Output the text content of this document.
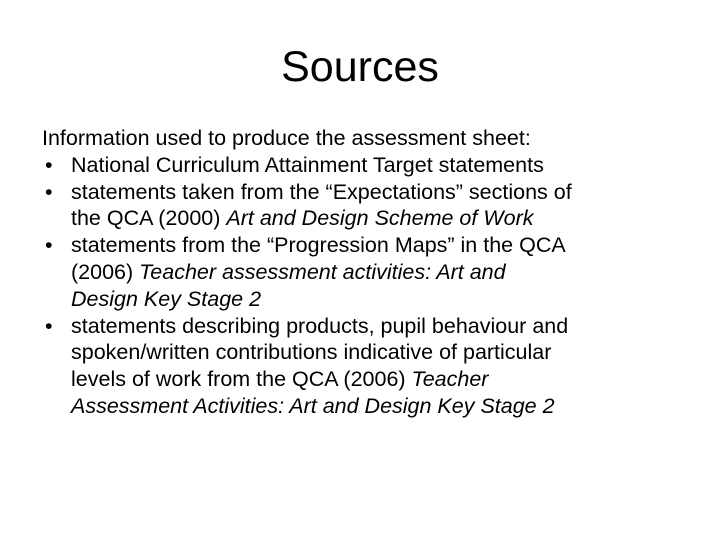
Sources

Information used to produce the assessment sheet:

• National Curriculum Attainment Target statements
• statements taken from the “Expectations” sections of
the QCA (2000) Art and Design Scheme of Work
• statements from the “Progression Maps” in the QCA
(2006) Teacher assessment activities: Art and
Design Key Stage 2
• statements describing products, pupil behaviour and
spoken/written contributions indicative of particular
levels of work from the QCA (2006) Teacher
Assessment Activities: Art and Design Key Stage 2
